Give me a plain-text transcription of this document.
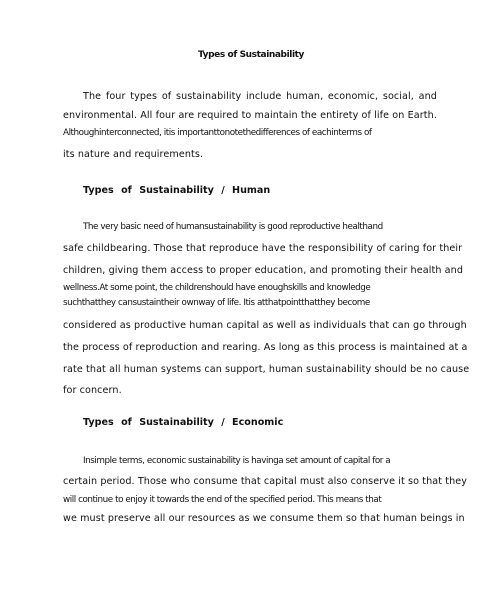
Types of Sustainability
The four types of sustainability include human, economic, social, and
environmental. All four are required to maintain the entirety of life on Earth.
Althoughinterconnected, itis importanttonotethedifferences of eachinterms of
its nature and requirements.
Types of Sustainability / Human
The very basic need of humansustainability is good reproductive healthand
safe childbearing. Those that reproduce have the responsibility of caring for their
children, giving them access to proper education, and promoting their health and
wellness.At some point, the childrenshould have enoughskills and knowledge
suchthatthey cansustaintheir ownway of life. Itis atthatpointthatthey become
considered as productive human capital as well as individuals that can go through
the process of reproduction and rearing. As long as this process is maintained at a
rate that all human systems can support, human sustainability should be no cause
for concern.
Types of Sustainability / Economic
Insimple terms, economic sustainability is havinga set amount of capital for a
certain period. Those who consume that capital must also conserve it so that they
will continue to enjoy it towards the end of the specified period. This means that
we must preserve all our resources as we consume them so that human beings in
